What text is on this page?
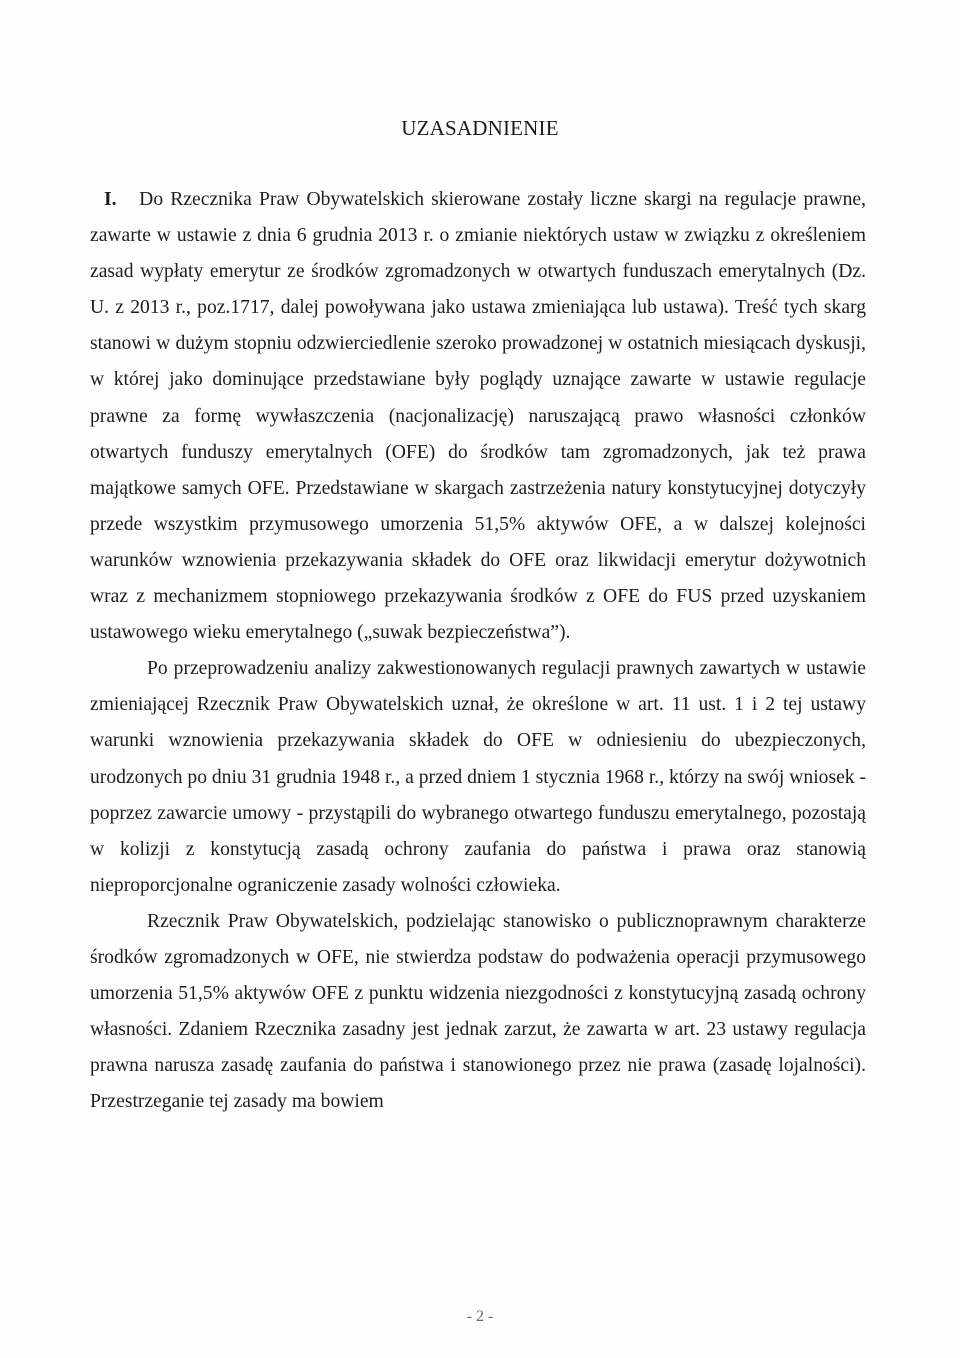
UZASADNIENIE

I. Do Rzecznika Praw Obywatelskich skierowane zostały liczne skargi na regulacje prawne, zawarte w ustawie z dnia 6 grudnia 2013 r. o zmianie niektórych ustaw w związku z określeniem zasad wypłaty emerytur ze środków zgromadzonych w otwartych funduszach emerytalnych (Dz. U. z 2013 r., poz.1717, dalej powoływana jako ustawa zmieniająca lub ustawa). Treść tych skarg stanowi w dużym stopniu odzwierciedlenie szeroko prowadzonej w ostatnich miesiącach dyskusji, w której jako dominujące przedstawiane były poglądy uznające zawarte w ustawie regulacje prawne za formę wywłaszczenia (nacjonalizację) naruszającą prawo własności członków otwartych funduszy emerytalnych (OFE) do środków tam zgromadzonych, jak też prawa majątkowe samych OFE. Przedstawiane w skargach zastrzeżenia natury konstytucyjnej dotyczyły przede wszystkim przymusowego umorzenia 51,5% aktywów OFE, a w dalszej kolejności warunków wznowienia przekazywania składek do OFE oraz likwidacji emerytur dożywotnich wraz z mechanizmem stopniowego przekazywania środków z OFE do FUS przed uzyskaniem ustawowego wieku emerytalnego („suwak bezpieczeństwa”).

Po przeprowadzeniu analizy zakwestionowanych regulacji prawnych zawartych w ustawie zmieniającej Rzecznik Praw Obywatelskich uznał, że określone w art. 11 ust. 1 i 2 tej ustawy warunki wznowienia przekazywania składek do OFE w odniesieniu do ubezpieczonych, urodzonych po dniu 31 grudnia 1948 r., a przed dniem 1 stycznia 1968 r., którzy na swój wniosek - poprzez zawarcie umowy - przystąpili do wybranego otwartego funduszu emerytalnego, pozostają w kolizji z konstytucją zasadą ochrony zaufania do państwa i prawa oraz stanowią nieproporcjonalne ograniczenie zasady wolności człowieka.

Rzecznik Praw Obywatelskich, podzielając stanowisko o publicznoprawnym charakterze środków zgromadzonych w OFE, nie stwierdza podstaw do podważenia operacji przymusowego umorzenia 51,5% aktywów OFE z punktu widzenia niezgodności z konstytucyjną zasadą ochrony własności. Zdaniem Rzecznika zasadny jest jednak zarzut, że zawarta w art. 23 ustawy regulacja prawna narusza zasadę zaufania do państwa i stanowionego przez nie prawa (zasadę lojalności). Przestrzeganie tej zasady ma bowiem

- 2 -
